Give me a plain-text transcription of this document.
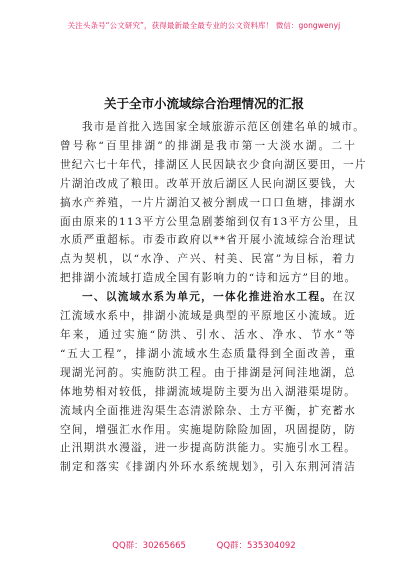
关注头条号“公文研究”，获得最新最全最专业的公文资料库！ 微信：gongwenyj
关于全市小流域综合治理情况的汇报
我市是首批入选国家全域旅游示范区创建名单的城市。
曾号称“百里排湖”的排湖是我市第一大淡水湖。二十
世纪六七十年代，排湖区人民因缺衣少食向湖区要田，一片
片湖泊改成了粮田。改革开放后湖区人民向湖区要钱，大
搞水产养殖，一片片湖泊又被分割成一口口鱼塘，排湖水
面由原来的113平方公里急剧萎缩到仅有13平方公里，且
水质严重超标。市委市政府以**省开展小流域综合治理试
点为契机，以“水净、产兴、村美、民富”为目标，着力
把排湖小流域打造成全国有影响力的“诗和远方”目的地。
一、以流域水系为单元，一体化推进治水工程。在汉
江流域水系中，排湖小流域是典型的平原地区小流域。近
年来，通过实施“防洪、引水、活水、净水、节水”等
“五大工程”，排湖小流域水生态质量得到全面改善，重
现湖光河韵。实施防洪工程。由于排湖是河间洼地湖，总
体地势相对较低，排湖流域堤防主要为出入湖港渠堤防。
流域内全面推进沟渠生态清淤除杂、土方平衡，扩充蓄水
空间，增强汇水作用。实施堤防除险加固，巩固提防，防
止汛期洪水漫溢，进一步提高防洪能力。实施引水工程。
制定和落实《排湖内外环水系统规划》，引入东荆河清洁
QQ群：30265665	QQ群：535304092
